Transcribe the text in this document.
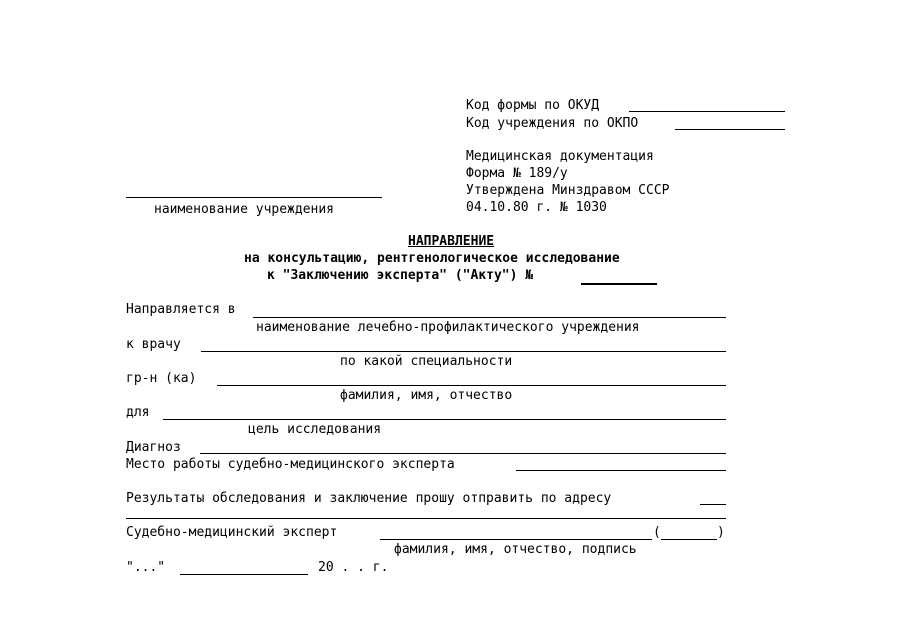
Код формы по ОКУД
Код учреждения по ОКПО
Медицинская документация
Форма № 189/у
Утверждена Минздравом СССР
04.10.80 г. № 1030
наименование учреждения
НАПРАВЛЕНИЕ
на консультацию, рентгенологическое исследование
к "Заключению эксперта" ("Акту") №
Направляется в
наименование лечебно-профилактического учреждения
к врачу
по какой специальности
гр-н (ка)
фамилия, имя, отчество
для
цель исследования
Диагноз
Место работы судебно-медицинского эксперта
Результаты обследования и заключение прошу отправить по адресу
Судебно-медицинский эксперт	(	)
фамилия, имя, отчество, подпись
"..."	20 . . г.
